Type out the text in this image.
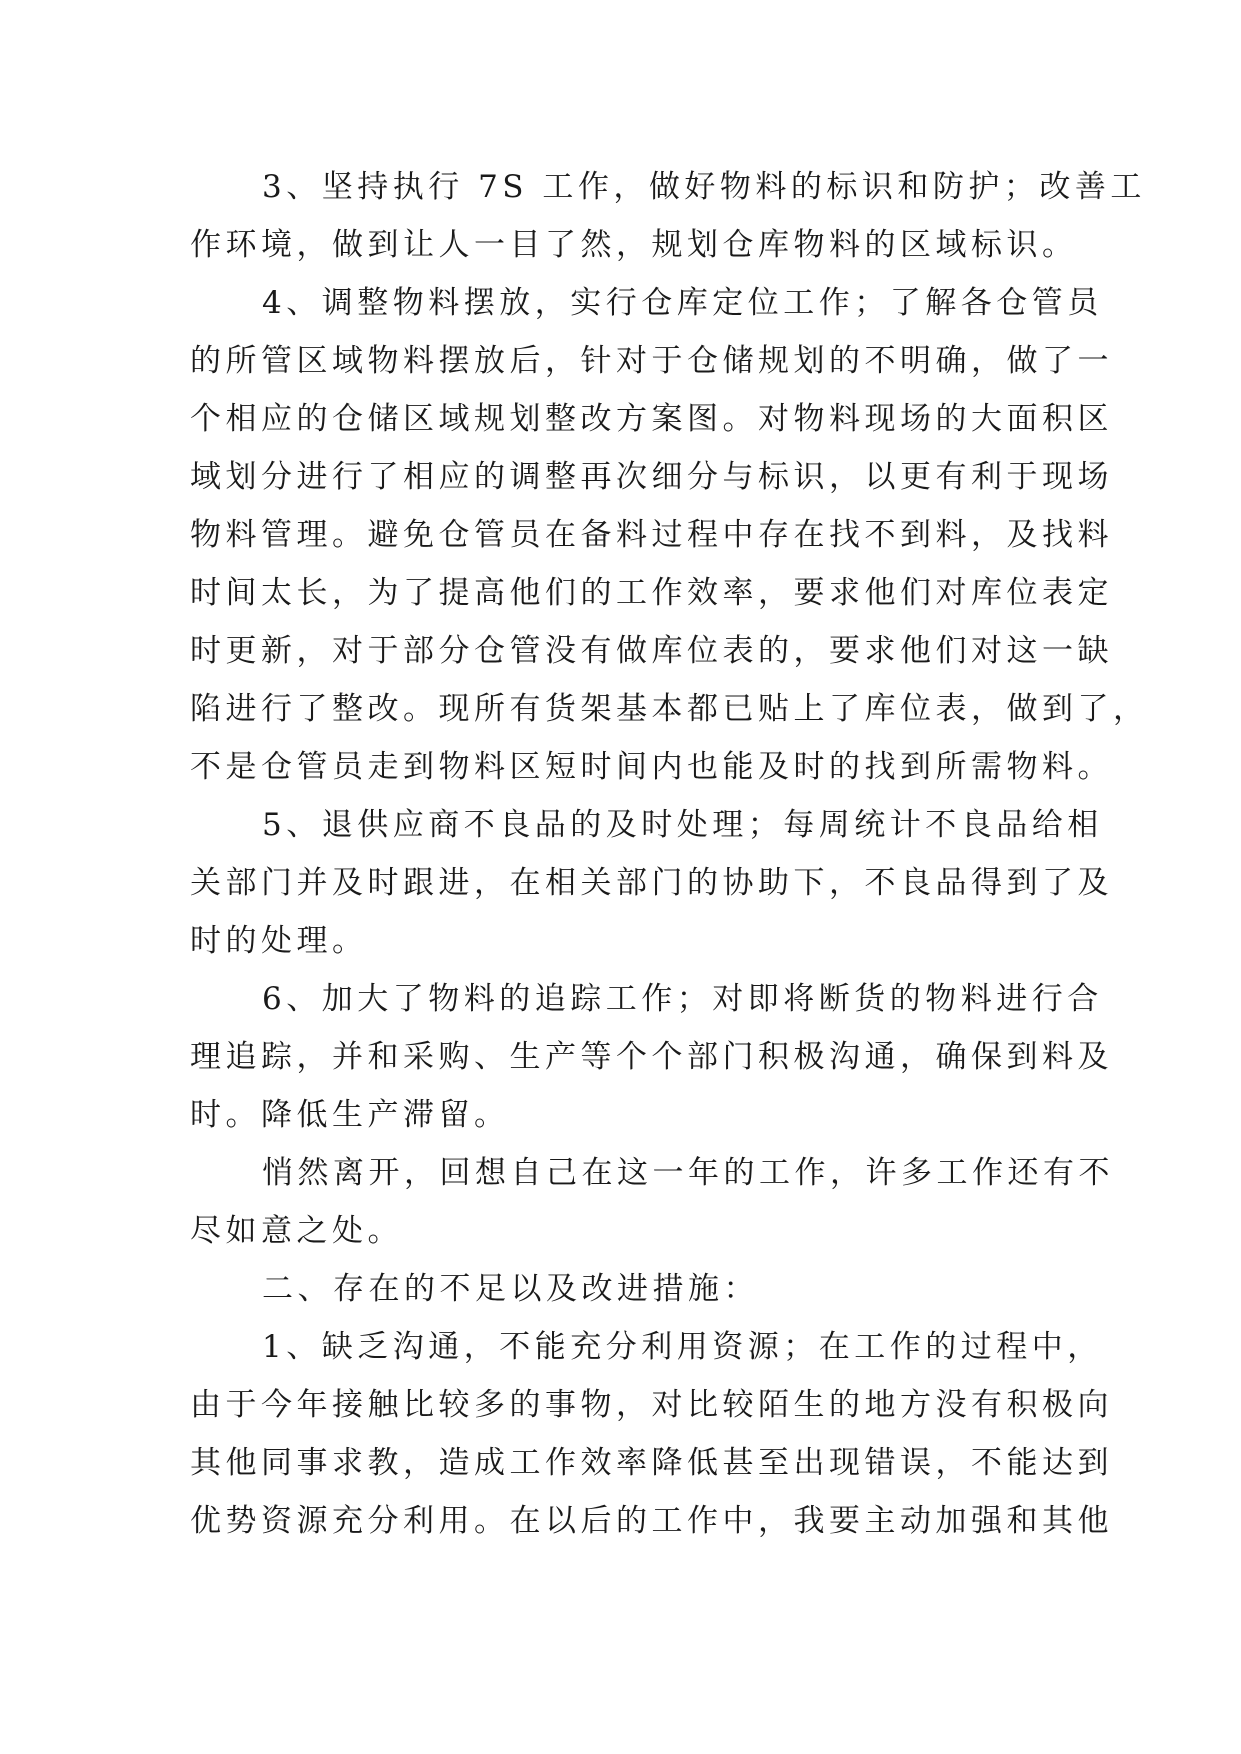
3、坚持执行 7S 工作，做好物料的标识和防护；改善工
作环境，做到让人一目了然，规划仓库物料的区域标识。
4、调整物料摆放，实行仓库定位工作；了解各仓管员
的所管区域物料摆放后，针对于仓储规划的不明确，做了一
个相应的仓储区域规划整改方案图。对物料现场的大面积区
域划分进行了相应的调整再次细分与标识，以更有利于现场
物料管理。避免仓管员在备料过程中存在找不到料，及找料
时间太长，为了提高他们的工作效率，要求他们对库位表定
时更新，对于部分仓管没有做库位表的，要求他们对这一缺
陷进行了整改。现所有货架基本都已贴上了库位表，做到了，
不是仓管员走到物料区短时间内也能及时的找到所需物料。
5、退供应商不良品的及时处理；每周统计不良品给相
关部门并及时跟进，在相关部门的协助下，不良品得到了及
时的处理。
6、加大了物料的追踪工作；对即将断货的物料进行合
理追踪，并和采购、生产等个个部门积极沟通，确保到料及
时。降低生产滞留。
悄然离开，回想自己在这一年的工作，许多工作还有不
尽如意之处。
二、存在的不足以及改进措施：
1、缺乏沟通，不能充分利用资源；在工作的过程中，
由于今年接触比较多的事物，对比较陌生的地方没有积极向
其他同事求教，造成工作效率降低甚至出现错误，不能达到
优势资源充分利用。在以后的工作中，我要主动加强和其他
